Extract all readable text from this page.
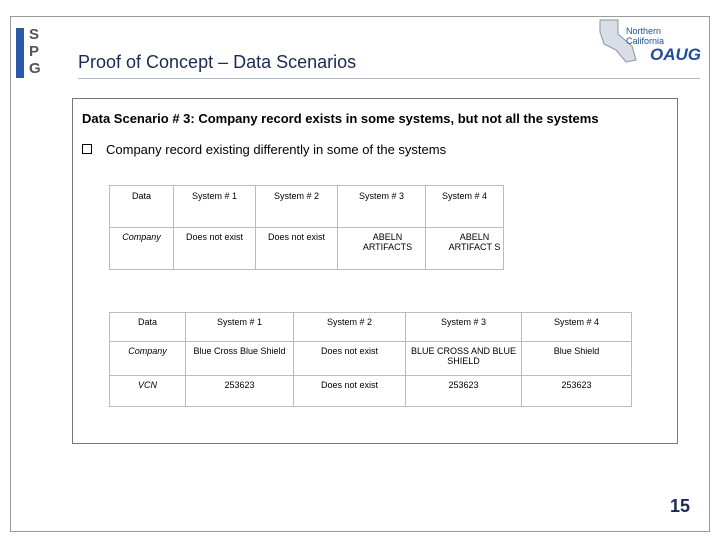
S
P
G Proof of Concept – Data Scenarios
Northern
California
OAUG
Data Scenario # 3: Company record exists in some systems, but not all the systems
Company record existing differently in some of the systems
Data	System # 1	System # 2	System # 3	System # 4
Company	Does not exist	Does not exist	ABELN ARTIFACTS	ABELN ARTIFACT S
Data	System # 1	System # 2	System # 3	System # 4
Company	Blue Cross Blue Shield	Does not exist	BLUE CROSS AND BLUE SHIELD	Blue Shield
VCN	253623	Does not exist	253623	253623
15
